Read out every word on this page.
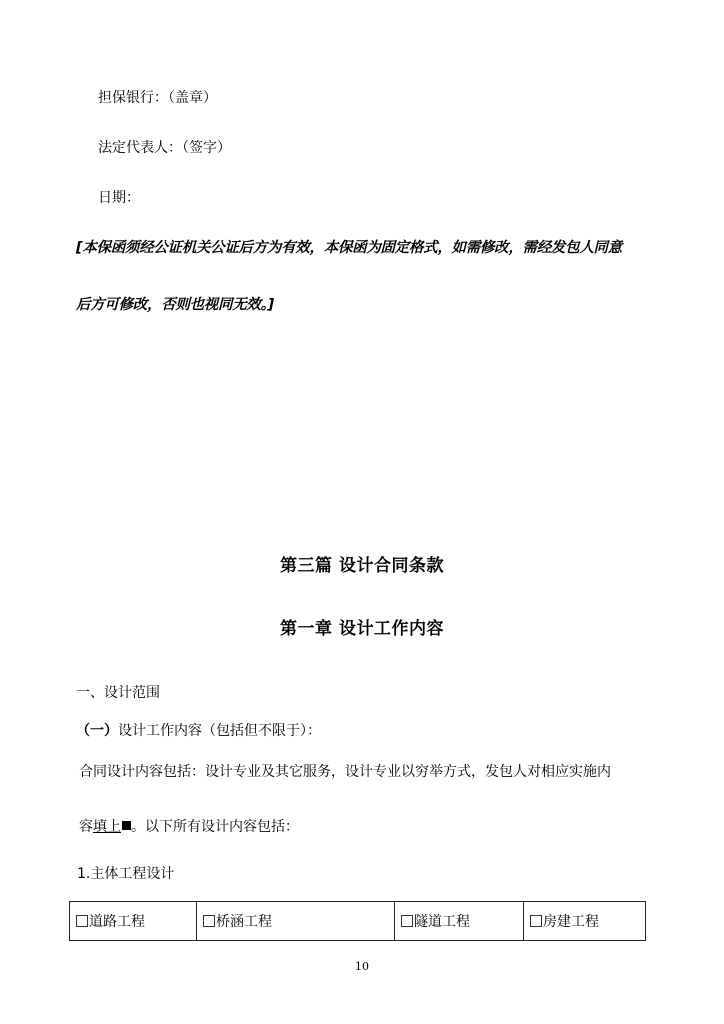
担保银行：（盖章）
法定代表人：（签字）
日期：
[本保函须经公证机关公证后方为有效，本保函为固定格式，如需修改，需经发包人同意
后方可修改，否则也视同无效。]
第三篇 设计合同条款
第一章 设计工作内容
一、设计范围
（一）设计工作内容（包括但不限于）：
合同设计内容包括：设计专业及其它服务，设计专业以穷举方式，发包人对相应实施内
容填上 。以下所有设计内容包括：
1.主体工程设计
道路工程	桥涵工程	隧道工程	房建工程
10
